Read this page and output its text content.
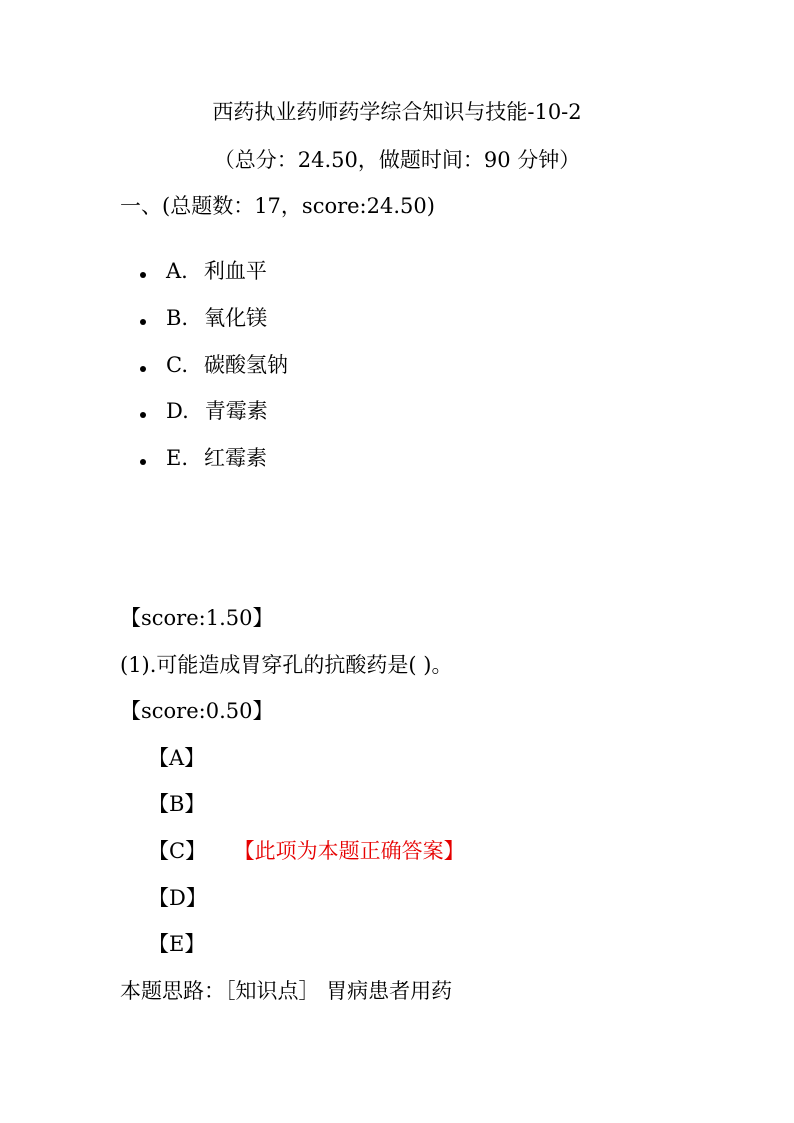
西药执业药师药学综合知识与技能-10-2
（总分：24.50，做题时间：90 分钟）
一、(总题数：17，score:24.50)
A. 利血平
B. 氧化镁
C. 碳酸氢钠
D. 青霉素
E. 红霉素
【score:1.50】
(1).可能造成胃穿孔的抗酸药是( )。
【score:0.50】
【A】
【B】
【C】 【此项为本题正确答案】
【D】
【E】
本题思路：［知识点］ 胃病患者用药
